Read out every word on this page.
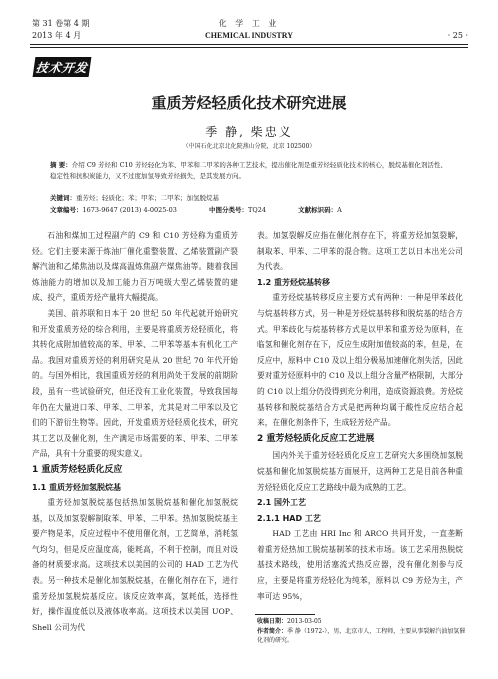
第 31 卷第 4 期
2013 年 4 月
化 学 工 业
CHEMICAL INDUSTRY	· 25 ·
技术开发
重质芳烃轻质化技术研究进展
季 静, 柴忠义
（中国石化北京北化院燕山分院，北京 102500）
摘 要：介绍 C9 芳烃和 C10 芳烃轻化为苯、甲苯和二甲苯的各种工艺技术，提出催化剂是重芳烃轻质化技术的核心，脱烷基催化剂活性、稳定性和抗积炭能力，又不过度加氢导致芳烃损失，是其发展方向。
关键词：重芳烃；轻质化；苯；甲苯；二甲苯；加氢脱烷基
文章编号：1673-9647 (2013) 4-0025-03	中图分类号：TQ24	文献标识码：A

石油和煤加工过程副产的 C9 和 C10 芳烃称为重质芳烃。它们主要来源于炼油厂催化重整装置、乙烯装置副产裂解汽油和乙烯焦油以及煤高温炼焦副产煤焦油等。随着我国炼油能力的增加以及加工能力百万吨级大型乙烯装置的建成、投产，重质芳烃产量将大幅提高。

美国、前苏联和日本于 20 世纪 50 年代起就开始研究和开发重质芳烃的综合利用，主要是将重质芳烃轻质化，将其转化成附加值较高的苯、甲苯、二甲苯等基本有机化工产品。我国对重质芳烃的利用研究是从 20 世纪 70 年代开始的。与国外相比，我国重质芳烃的利用尚处于发展的前期阶段，虽有一些试验研究，但还没有工业化装置，导致我国每年仍在大量进口苯、甲苯、二甲苯，尤其是对二甲苯以及它们的下游衍生物等。因此，开发重质芳烃轻质化技术，研究其工艺以及催化剂，生产满足市场需要的苯、甲苯、二甲苯产品，具有十分重要的现实意义。

1 重质芳烃轻质化反应

1.1 重质芳烃加氢脱烷基

重芳烃加氢脱烷基包括热加氢脱烷基和催化加氢脱烷基，以及加氢裂解制取苯、甲苯、二甲苯。热加氢脱烷基主要产物是苯，反应过程中不使用催化剂，工艺简单，消耗氢气均匀，但是反应温度高，能耗高，不利于控制，而且对设备的材质要求高。这项技术以美国的公司的 HAD 工艺为代表。另一种技术是催化加氢脱烷基，在催化剂存在下，进行重芳烃加氢脱烷基反应。该反应效率高，氢耗低，选择性好，操作温度低以及液体收率高。这项技术以美国 UOP、Shell 公司为代

表。加氢裂解反应指在催化剂存在下，将重芳烃加氢裂解，制取苯、甲苯、二甲苯的混合物。这项工艺以日本出光公司为代表。

1.2 重芳烃烷基转移

重芳烃烷基转移反应主要方式有两种：一种是甲苯歧化与烷基转移方式，另一种是芳烃烷基转移和脱烷基的结合方式。甲苯歧化与烷基转移方式是以甲苯和重芳烃为原料，在临氢和催化剂存在下，反应生成附加值较高的苯，但是，在反应中，原料中 C10 及以上组分极易加速催化剂失活，因此要对重芳烃原料中的 C10 及以上组分含量严格限制，大部分的 C10 以上组分仍没得到充分利用，造成资源浪费。芳烃烷基转移和脱烷基结合方式是把两种均属于酸性反应结合起来，在催化剂条件下，生成轻芳烃产品。

2 重芳烃轻质化反应工艺进展

国内外关于重芳烃轻质化反应工艺研究大多围绕加氢脱烷基和催化加氢脱烷基方面展开，这两种工艺是目前各种重芳烃轻质化反应工艺路线中最为成熟的工艺。

2.1 国外工艺

2.1.1 HAD 工艺

HAD 工艺由 HRI Inc 和 ARCO 共同开发，一直垄断着重芳烃热加工脱烷基制苯的技术市场。该工艺采用热脱烷基技术路线，使用活塞流式热反应器，没有催化剂参与反应，主要是将重芳烃轻化为纯苯，原料以 C9 芳烃为主，产率可达 95%，

收稿日期：2013-03-05
作者简介：季 静（1972-），男，北京市人，工程师，主要从事裂解汽油加氢催化剂的研究。
